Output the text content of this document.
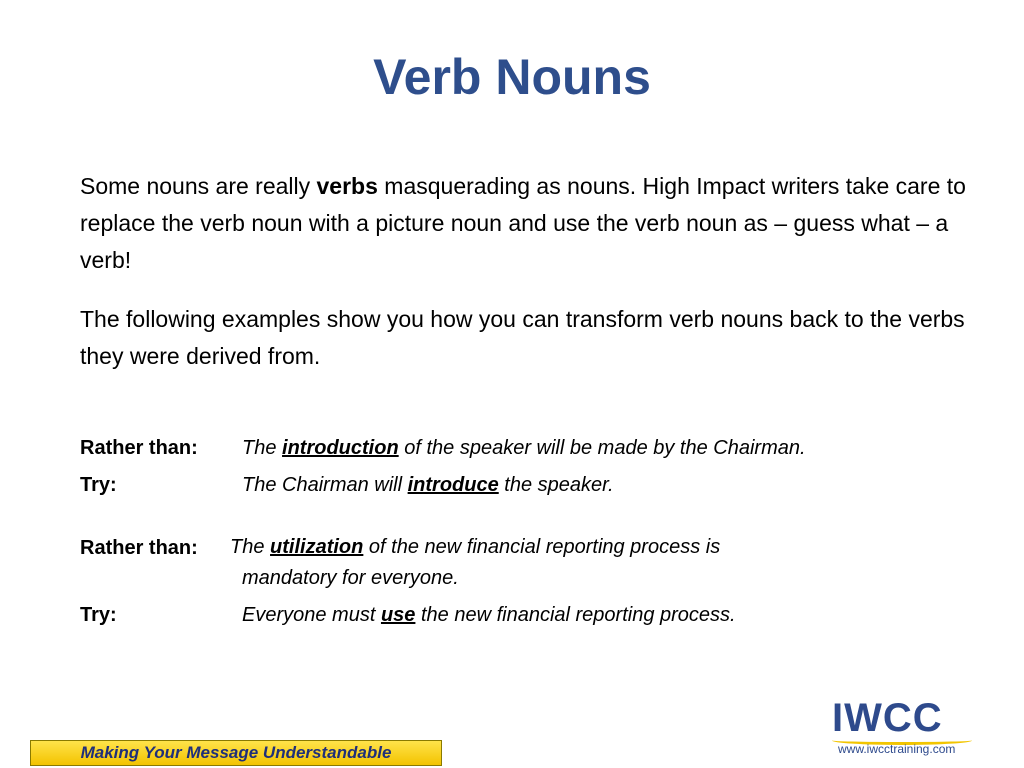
Verb Nouns
Some nouns are really verbs masquerading as nouns. High Impact writers take care to replace the verb noun with a picture noun and use the verb noun as – guess what – a verb!
The following examples show you how you can transform verb nouns back to the verbs they were derived from.
Rather than: The introduction of the speaker will be made by the Chairman.
Try:	The Chairman will introduce the speaker.
Rather than: The utilization of the new financial reporting process is
mandatory for everyone.
Try:	Everyone must use the new financial reporting process.
Making Your Message Understandable
IWCC
www.iwcctraining.com
